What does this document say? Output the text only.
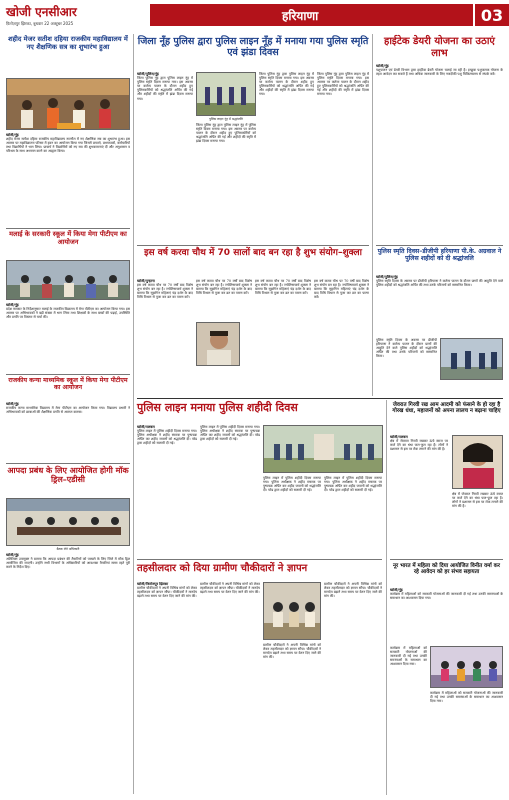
खोजी एनसीआर
फ़िरोज़पुर झिरका, बुधवार 22 अक्टूबर 2025
हरियाणा	03
शहीद मेजर सतीश दहिया राजकीय महाविद्यालय में नए शैक्षणिक सत्र का शुभारंभ हुआ
खोजी/नूंह
शहीद मेजर सतीश दहिया राजकीय महाविद्यालय नारनौल में नए शैक्षणिक सत्र का शुभारंभ हुआ। इस अवसर पर महाविद्यालय परिसर में हवन का आयोजन किया गया जिसमें प्राचार्य, प्राध्यापकों, कर्मचारियों तथा विद्यार्थियों ने भाग लिया। प्राचार्य ने विद्यार्थियों को नए सत्र की शुभकामनाएं दीं और अनुशासन व परिश्रम के साथ अध्ययन करने का आह्वान किया।
मलाई के सरकारी स्कूल में किया मेगा पीटीएम का आयोजन
खोजी/नूंह
प्रदेश सरकार के निर्देशानुसार मलाई के राजकीय विद्यालय में मेगा पीटीएम का आयोजन किया गया। इस अवसर पर अभिभावकों ने बड़ी संख्या में भाग लिया तथा शिक्षकों के साथ बच्चों की पढ़ाई, उपस्थिति और प्रगति पर विस्तार से चर्चा की।
राजकीय कन्या माध्यमिक स्कूल में किया मेगा पीटीएम का आयोजन
खोजी/नूंह
राजकीय कन्या माध्यमिक विद्यालय में मेगा पीटीएम का आयोजन किया गया। विद्यालय प्रभारी ने अभिभावकों को छात्राओं की शैक्षणिक प्रगति से अवगत कराया।
आपदा प्रबंध के लिए आयोजित होगी मॉक ड्रिल–एडीसी
बैठक लेते अधिकारी
खोजी/नूंह
अतिरिक्त उपायुक्त ने बताया कि आपदा प्रबंधन की तैयारियों को परखने के लिए जिले में मॉक ड्रिल आयोजित की जाएगी। उन्होंने सभी विभागों के अधिकारियों को आवश्यक तैयारियां समय रहते पूरी करने के निर्देश दिए।
जिला नूँह पुलिस द्वारा पुलिस लाइन नूँह में मनाया गया पुलिस स्मृति एवं झंडा दिवस
खोजी/पुलिस/नूंह
जिला पुलिस नूंह द्वारा पुलिस लाइन नूंह में पुलिस स्मृति दिवस मनाया गया। इस अवसर पर कर्तव्य पालन के दौरान शहीद हुए पुलिसकर्मियों को श्रद्धांजलि अर्पित की गई और शहीदों की स्मृति में झंडा दिवस मनाया गया।
पुलिस लाइन नूंह में श्रद्धांजलि
जिला पुलिस नूंह द्वारा पुलिस लाइन नूंह में पुलिस स्मृति दिवस मनाया गया। इस अवसर पर कर्तव्य पालन के दौरान शहीद हुए पुलिसकर्मियों को श्रद्धांजलि अर्पित की गई और शहीदों की स्मृति में झंडा दिवस मनाया गया।
जिला पुलिस नूंह द्वारा पुलिस लाइन नूंह में पुलिस स्मृति दिवस मनाया गया। इस अवसर पर कर्तव्य पालन के दौरान शहीद हुए पुलिसकर्मियों को श्रद्धांजलि अर्पित की गई और शहीदों की स्मृति में झंडा दिवस मनाया गया।
जिला पुलिस नूंह द्वारा पुलिस लाइन नूंह में पुलिस स्मृति दिवस मनाया गया। इस अवसर पर कर्तव्य पालन के दौरान शहीद हुए पुलिसकर्मियों को श्रद्धांजलि अर्पित की गई और शहीदों की स्मृति में झंडा दिवस मनाया गया।
इस वर्ष करवा चौथ में 70 सालों बाद बन रहा है शुभ संयोग–शुक्ला
खोजी/पुन्हाना
इस वर्ष करवा चौथ पर 70 वर्षों बाद विशेष शुभ संयोग बन रहा है। ज्योतिषाचार्य शुक्ला ने बताया कि सुहागिन महिलाएं चंद्र दर्शन के बाद विधि विधान से पूजा कर व्रत का पारण करें।
इस वर्ष करवा चौथ पर 70 वर्षों बाद विशेष शुभ संयोग बन रहा है। ज्योतिषाचार्य शुक्ला ने बताया कि सुहागिन महिलाएं चंद्र दर्शन के बाद विधि विधान से पूजा कर व्रत का पारण करें।
इस वर्ष करवा चौथ पर 70 वर्षों बाद विशेष शुभ संयोग बन रहा है। ज्योतिषाचार्य शुक्ला ने बताया कि सुहागिन महिलाएं चंद्र दर्शन के बाद विधि विधान से पूजा कर व्रत का पारण करें।
इस वर्ष करवा चौथ पर 70 वर्षों बाद विशेष शुभ संयोग बन रहा है। ज्योतिषाचार्य शुक्ला ने बताया कि सुहागिन महिलाएं चंद्र दर्शन के बाद विधि विधान से पूजा कर व्रत का पारण करें।
हाईटेक डेयरी योजना का उठाएं लाभ
खोजी/नूंह
पशुपालन एवं डेयरी विभाग द्वारा हाईटेक डेयरी योजना चलाई जा रही है। इच्छुक पशुपालक योजना के तहत आवेदन कर सकते हैं तथा अधिक जानकारी के लिए नजदीकी पशु चिकित्सालय से संपर्क करें।
पुलिस स्मृति दिवस–डीजीपी हरियाणा पी.के. अग्रवाल ने पुलिस शहीदों को दी श्रद्धांजलि
खोजी/पुलिस/नूंह
पुलिस स्मृति दिवस के अवसर पर डीजीपी हरियाणा ने कर्तव्य पालन के दौरान प्राणों की आहुति देने वाले पुलिस शहीदों को श्रद्धांजलि अर्पित की तथा उनके परिजनों को सम्मानित किया।
पुलिस स्मृति दिवस के अवसर पर डीजीपी हरियाणा ने कर्तव्य पालन के दौरान प्राणों की आहुति देने वाले पुलिस शहीदों को श्रद्धांजलि अर्पित की तथा उनके परिजनों को सम्मानित किया।
पुलिस लाइन मनाया पुलिस शहीदी दिवस
खोजी/पलवल
पुलिस लाइन में पुलिस शहीदी दिवस मनाया गया। पुलिस अधीक्षक ने शहीद स्मारक पर पुष्पचक्र अर्पित कर शहीद जवानों को श्रद्धांजलि दी। परेड द्वारा शहीदों को सलामी दी गई।
पुलिस लाइन में पुलिस शहीदी दिवस मनाया गया। पुलिस अधीक्षक ने शहीद स्मारक पर पुष्पचक्र अर्पित कर शहीद जवानों को श्रद्धांजलि दी। परेड द्वारा शहीदों को सलामी दी गई।
पुलिस लाइन में पुलिस शहीदी दिवस मनाया गया। पुलिस अधीक्षक ने शहीद स्मारक पर पुष्पचक्र अर्पित कर शहीद जवानों को श्रद्धांजलि दी। परेड द्वारा शहीदों को सलामी दी गई।
पुलिस लाइन में पुलिस शहीदी दिवस मनाया गया। पुलिस अधीक्षक ने शहीद स्मारक पर पुष्पचक्र अर्पित कर शहीद जवानों को श्रद्धांजलि दी। परेड द्वारा शहीदों को सलामी दी गई।
जेवरात गिरवी रख आम आदमी को फंसाने के हो रहा है गोरख धंधा, महाजनों को अपना लालच न बढ़ाना चाहिए
खोजी/पलवल
क्षेत्र में जेवरात गिरवी रखकर ऊंचे ब्याज पर कर्ज देने का धंधा फल-फूल रहा है। लोगों ने प्रशासन से इस पर रोक लगाने की मांग की है।
क्षेत्र में जेवरात गिरवी रखकर ऊंचे ब्याज पर कर्ज देने का धंधा फल-फूल रहा है। लोगों ने प्रशासन से इस पर रोक लगाने की मांग की है।
तहसीलदार को दिया ग्रामीण चौकीदारों ने ज्ञापन
खोजी/फिरोजपुर झिरका
ग्रामीण चौकीदारों ने अपनी विभिन्न मांगों को लेकर तहसीलदार को ज्ञापन सौंपा। चौकीदारों ने मानदेय बढ़ाने तथा समय पर वेतन दिए जाने की मांग की।
ग्रामीण चौकीदारों ने अपनी विभिन्न मांगों को लेकर तहसीलदार को ज्ञापन सौंपा। चौकीदारों ने मानदेय बढ़ाने तथा समय पर वेतन दिए जाने की मांग की।
ग्रामीण चौकीदारों ने अपनी विभिन्न मांगों को लेकर तहसीलदार को ज्ञापन सौंपा। चौकीदारों ने मानदेय बढ़ाने तथा समय पर वेतन दिए जाने की मांग की।
ग्रामीण चौकीदारों ने अपनी विभिन्न मांगों को लेकर तहसीलदार को ज्ञापन सौंपा। चौकीदारों ने मानदेय बढ़ाने तथा समय पर वेतन दिए जाने की मांग की।
नूर भारत में महिला को दिया आयोजित विनीत वर्मा कर रहे आवेदन को हर संभव सहायता
खोजी/नूंह
कार्यक्रम में महिलाओं को सरकारी योजनाओं की जानकारी दी गई तथा उनकी समस्याओं के समाधान का आश्वासन दिया गया।
कार्यक्रम में महिलाओं को सरकारी योजनाओं की जानकारी दी गई तथा उनकी समस्याओं के समाधान का आश्वासन दिया गया।
कार्यक्रम में महिलाओं को सरकारी योजनाओं की जानकारी दी गई तथा उनकी समस्याओं के समाधान का आश्वासन दिया गया।
